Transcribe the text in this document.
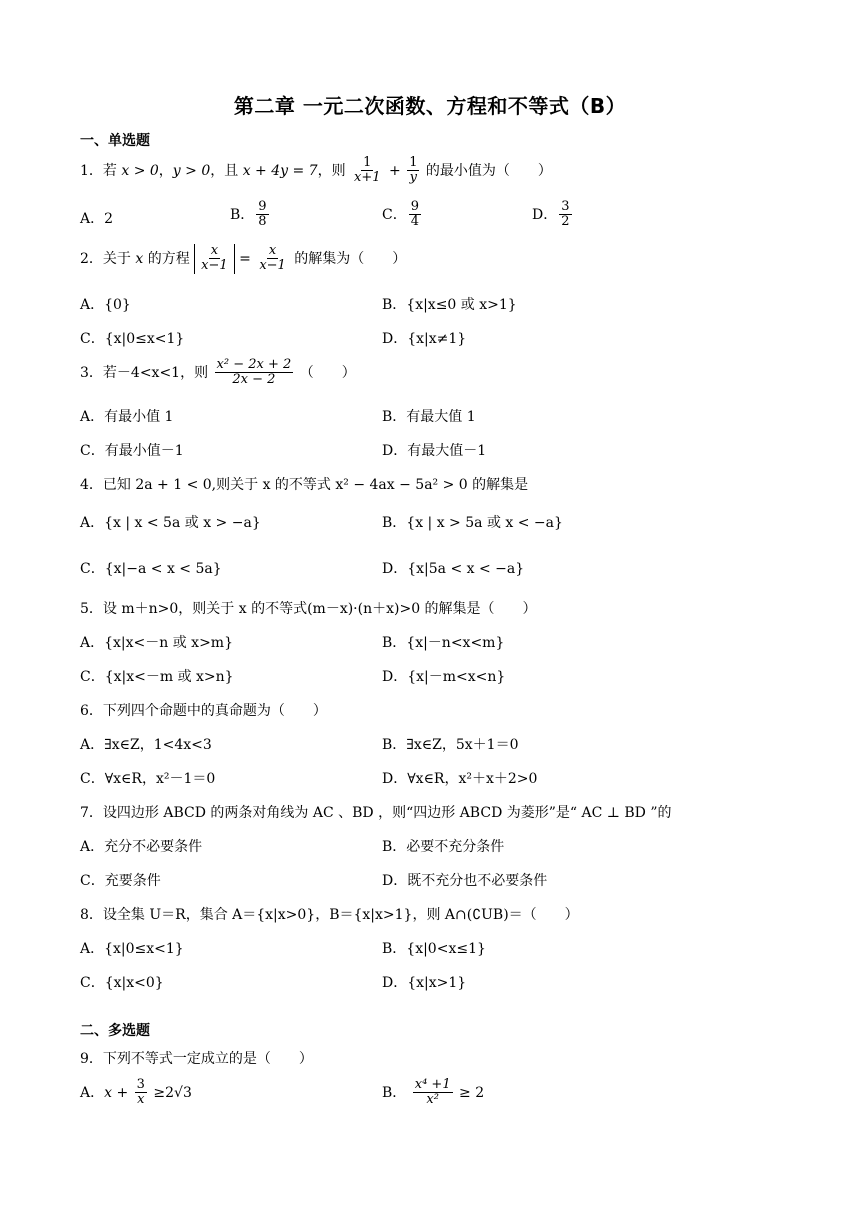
第二章 一元二次函数、方程和不等式（B）
一、单选题
1．若 x > 0，y > 0，且 x + 4y = 7，则 $\frac{1}{x+1} + \frac{1}{y}$ 的最小值为（　　）
A．2	B． $\frac{9}{8}$	C． $\frac{9}{4}$	D． $\frac{3}{2}$
2．关于 x 的方程 $\frac{x}{x-1} = \frac{x}{x-1}$ 的解集为（　　）
A．{0}	B．{x|x≤0 或 x>1}
C．{x|0≤x<1}	D．{x|x≠1}
3．若－4<x<1，则 $\frac{\text{x² − 2x + 2}}{2x - 2}$ （　　）
A．有最小值 1	B．有最大值 1
C．有最小值－1	D．有最大值－1
4．已知 2a + 1 < 0,则关于 x 的不等式 x² − 4ax − 5a² > 0 的解集是
A．{x | x < 5a 或 x > −a}	B．{x | x > 5a 或 x < −a}
C．{x|−a < x < 5a}	D．{x|5a < x < −a}
5．设 m＋n>0，则关于 x 的不等式(m－x)·(n＋x)>0 的解集是（　　）
A．{x|x<－n 或 x>m}	B．{x|－n<x<m}
C．{x|x<－m 或 x>n}	D．{x|－m<x<n}
6．下列四个命题中的真命题为（　　）
A．∃x∈Z，1<4x<3	B．∃x∈Z，5x＋1＝0
C．∀x∈R，x²－1＝0	D．∀x∈R，x²＋x＋2>0
7．设四边形 ABCD 的两条对角线为 AC 、BD ，则“四边形 ABCD 为菱形”是“ AC ⊥ BD ”的
A．充分不必要条件	B．必要不充分条件
C．充要条件	D．既不充分也不必要条件
8．设全集 U＝R，集合 A＝{x|x>0}，B＝{x|x>1}，则 A∩(∁UB)＝（　　）
A．{x|0≤x<1}	B．{x|0<x≤1}
C．{x|x<0}	D．{x|x>1}
二、多选题
9．下列不等式一定成立的是（　　）
A．$x + \frac{3}{x} \ge 2√3$	B． $\frac{\text{x⁴ +1}}{\text{x²}} \ge 2$
